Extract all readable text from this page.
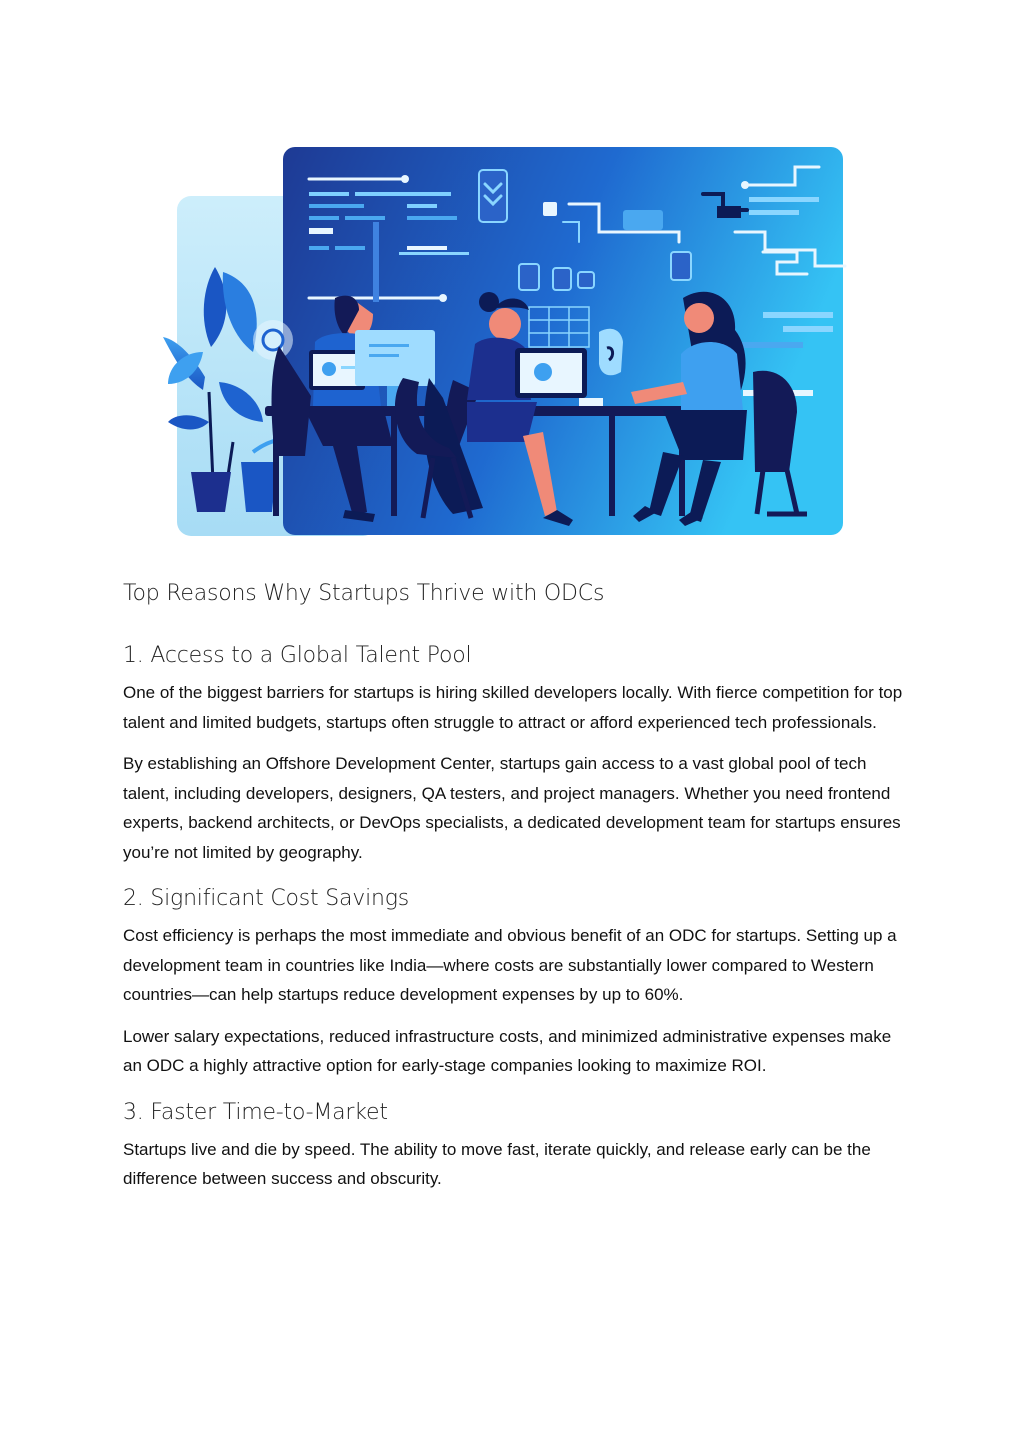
Top Reasons Why Startups Thrive with ODCs
1. Access to a Global Talent Pool

One of the biggest barriers for startups is hiring skilled developers locally. With fierce competition for top talent and limited budgets, startups often struggle to attract or afford experienced tech professionals.

By establishing an Offshore Development Center, startups gain access to a vast global pool of tech talent, including developers, designers, QA testers, and project managers. Whether you need frontend experts, backend architects, or DevOps specialists, a dedicated development team for startups ensures you’re not limited by geography.

2. Significant Cost Savings

Cost efficiency is perhaps the most immediate and obvious benefit of an ODC for startups. Setting up a development team in countries like India—where costs are substantially lower compared to Western countries—can help startups reduce development expenses by up to 60%.

Lower salary expectations, reduced infrastructure costs, and minimized administrative expenses make an ODC a highly attractive option for early-stage companies looking to maximize ROI.

3. Faster Time-to-Market

Startups live and die by speed. The ability to move fast, iterate quickly, and release early can be the difference between success and obscurity.
